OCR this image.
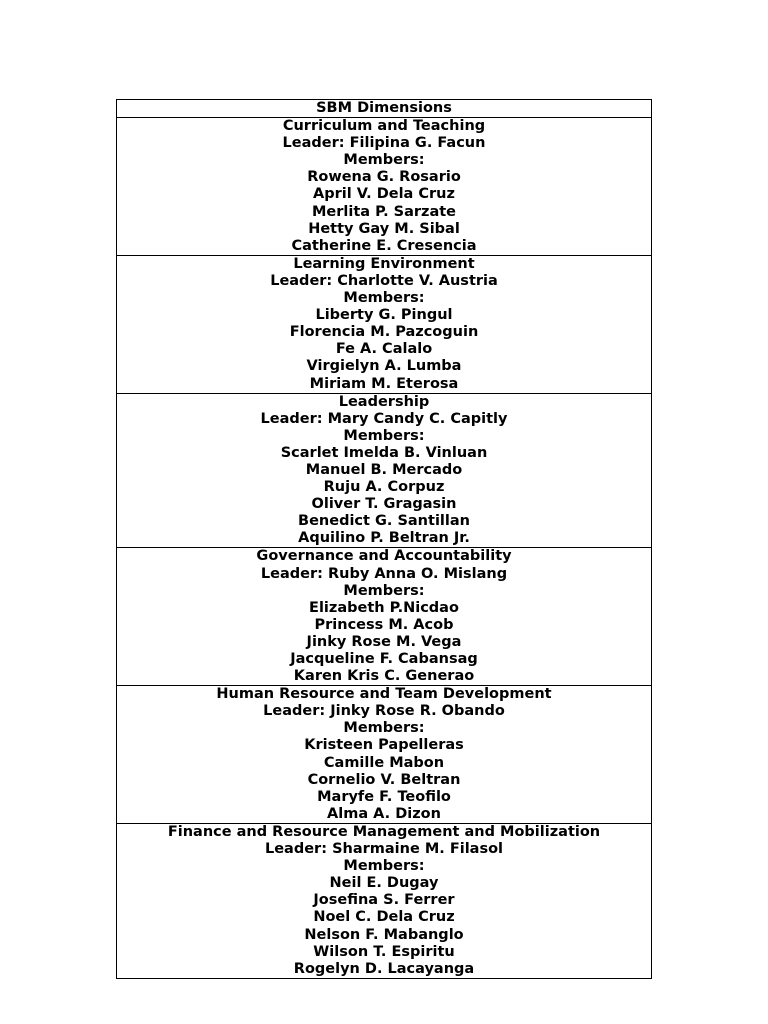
SBM Dimensions

Curriculum and Teaching
Leader: Filipina G. Facun
Members:
Rowena G. Rosario
April V. Dela Cruz
Merlita P. Sarzate
Hetty Gay M. Sibal
Catherine E. Cresencia

Learning Environment
Leader: Charlotte V. Austria
Members:
Liberty G. Pingul
Florencia M. Pazcoguin
Fe A. Calalo
Virgielyn A. Lumba
Miriam M. Eterosa

Leadership
Leader: Mary Candy C. Capitly
Members:
Scarlet Imelda B. Vinluan
Manuel B. Mercado
Ruju A. Corpuz
Oliver T. Gragasin
Benedict G. Santillan
Aquilino P. Beltran Jr.

Governance and Accountability
Leader: Ruby Anna O. Mislang
Members:
Elizabeth P.Nicdao
Princess M. Acob
Jinky Rose M. Vega
Jacqueline F. Cabansag
Karen Kris C. Generao

Human Resource and Team Development
Leader: Jinky Rose R. Obando
Members:
Kristeen Papelleras
Camille Mabon
Cornelio V. Beltran
Maryfe F. Teofilo
Alma A. Dizon

Finance and Resource Management and Mobilization
Leader: Sharmaine M. Filasol
Members:
Neil E. Dugay
Josefina S. Ferrer
Noel C. Dela Cruz
Nelson F. Mabanglo
Wilson T. Espiritu
Rogelyn D. Lacayanga
